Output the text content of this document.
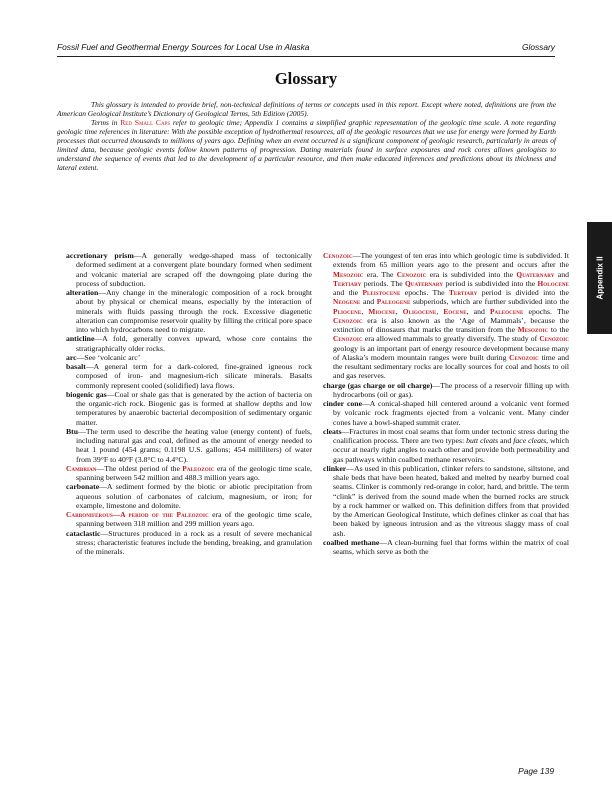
Fossil Fuel and Geothermal Energy Sources for Local Use in Alaska	Glossary
Glossary

This glossary is intended to provide brief, non-technical definitions of terms or concepts used in this report. Except where noted, definitions are from the American Geological Institute’s Dictionary of Geological Terms, 5th Edition (2005).

Terms in Red Small Caps refer to geologic time; Appendix 1 contains a simplified graphic representation of the geologic time scale. A note regarding geologic time references in literature: With the possible exception of hydrothermal resources, all of the geologic resources that we use for energy were formed by Earth processes that occurred thousands to millions of years ago. Defining when an event occurred is a significant component of geologic research, particularly in areas of limited data, because geologic events follow known patterns of progression. Dating materials found in surface exposures and rock cores allows geologists to understand the sequence of events that led to the development of a particular resource, and then make educated inferences and predictions about its thickness and lateral extent.

accretionary prism—A generally wedge-shaped mass of tectonically deformed sediment at a convergent plate boundary formed when sediment and volcanic material are scraped off the downgoing plate during the process of subduction.

alteration—Any change in the mineralogic composition of a rock brought about by physical or chemical means, especially by the interaction of minerals with fluids passing through the rock. Excessive diagenetic alteration can compromise reservoir quality by filling the critical pore space into which hydrocarbons need to migrate.

anticline—A fold, generally convex upward, whose core contains the stratigraphically older rocks.

arc—See ‘volcanic arc’

basalt—A general term for a dark-colored, fine-grained igneous rock composed of iron- and magnesium-rich silicate minerals. Basalts commonly represent cooled (solidified) lava flows.

biogenic gas—Coal or shale gas that is generated by the action of bacteria on the organic-rich rock. Biogenic gas is formed at shallow depths and low temperatures by anaerobic bacterial decomposition of sedimentary organic matter.

Btu—The term used to describe the heating value (energy content) of fuels, including natural gas and coal, defined as the amount of energy needed to heat 1 pound (454 grams; 0.1198 U.S. gallons; 454 milliliters) of water from 39°F to 40°F (3.8°C to 4.4°C).

Cambrian—The oldest period of the Paleozoic era of the geologic time scale, spanning between 542 million and 488.3 million years ago.

carbonate—A sediment formed by the biotic or abiotic precipitation from aqueous solution of carbonates of calcium, magnesium, or iron; for example, limestone and dolomite.

Carboniferous—A period of the Paleozoic era of the geologic time scale, spanning between 318 million and 299 million years ago.

cataclastic—Structures produced in a rock as a result of severe mechanical stress; characteristic features include the bending, breaking, and granulation of the minerals.

Cenozoic—The youngest of ten eras into which geologic time is subdivided. It extends from 65 million years ago to the present and occurs after the Mesozoic era. The Cenozoic era is subdivided into the Quaternary and Tertiary periods. The Quaternary period is subdivided into the Holocene and the Pleistocene epochs. The Tertiary period is divided into the Neogene and Paleogene subperiods, which are further subdivided into the Pliocene, Miocene, Oligocene, Eocene, and Paleocene epochs. The Cenozoic era is also known as the ‘Age of Mammals’, because the extinction of dinosaurs that marks the transition from the Mesozoic to the Cenozoic era allowed mammals to greatly diversify. The study of Cenozoic geology is an important part of energy resource development because many of Alaska’s modern mountain ranges were built during Cenozoic time and the resultant sedimentary rocks are locally sources for coal and hosts to oil and gas reserves.

charge (gas charge or oil charge)—The process of a reservoir filling up with hydrocarbons (oil or gas).

cinder cone—A conical-shaped hill centered around a volcanic vent formed by volcanic rock fragments ejected from a volcanic vent. Many cinder cones have a bowl-shaped summit crater.

cleats—Fractures in most coal seams that form under tectonic stress during the coalification process. There are two types: butt cleats and face cleats, which occur at nearly right angles to each other and provide both permeability and gas pathways within coalbed methane reservoirs.

clinker—As used in this publication, clinker refers to sandstone, siltstone, and shale beds that have been heated, baked and melted by nearby burned coal seams. Clinker is commonly red-orange in color, hard, and brittle. The term “clink” is derived from the sound made when the burned rocks are struck by a rock hammer or walked on. This definition differs from that provided by the American Geological Institute, which defines clinker as coal that has been baked by igneous intrusion and as the vitreous slaggy mass of coal ash.

coalbed methane—A clean-burning fuel that forms within the matrix of coal seams, which serve as both the

Appendix II
Page 139
